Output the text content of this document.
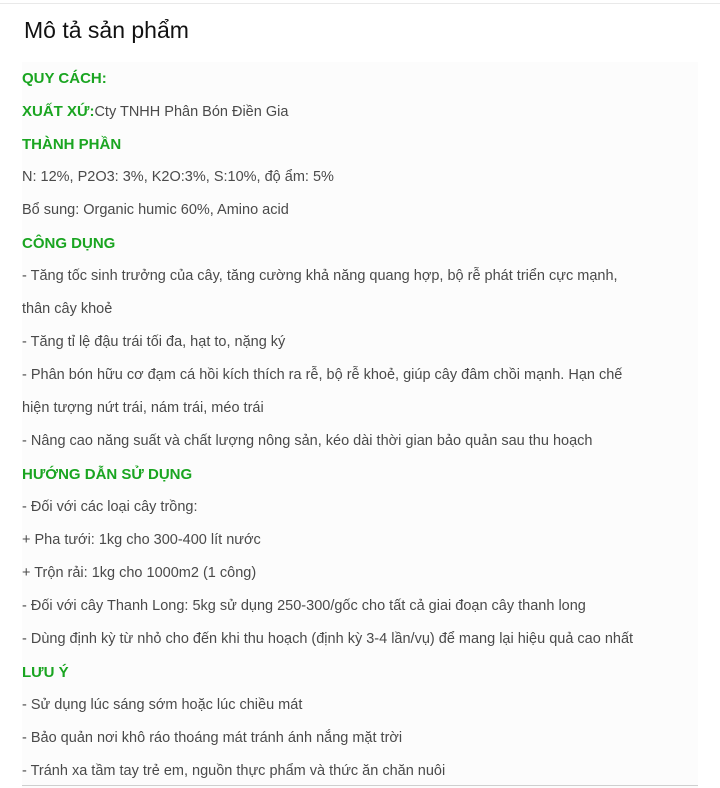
Mô tả sản phẩm
QUY CÁCH:
XUẤT XỨ:Cty TNHH Phân Bón Điền Gia
THÀNH PHẦN
N: 12%, P2O3: 3%, K2O:3%, S:10%, độ ẩm: 5%
Bổ sung: Organic humic 60%, Amino acid
CÔNG DỤNG
- Tăng tốc sinh trưởng của cây, tăng cường khả năng quang hợp, bộ rễ phát triển cực mạnh,
thân cây khoẻ
- Tăng tỉ lệ đậu trái tối đa, hạt to, nặng ký
- Phân bón hữu cơ đạm cá hồi kích thích ra rễ, bộ rễ khoẻ, giúp cây đâm chồi mạnh. Hạn chế
hiện tượng nứt trái, nám trái, méo trái
- Nâng cao năng suất và chất lượng nông sản, kéo dài thời gian bảo quản sau thu hoạch
HƯỚNG DẪN SỬ DỤNG
- Đối với các loại cây trồng:
+ Pha tưới: 1kg cho 300-400 lít nước
+ Trộn rải: 1kg cho 1000m2 (1 công)
- Đối với cây Thanh Long: 5kg sử dụng 250-300/gốc cho tất cả giai đoạn cây thanh long
- Dùng định kỳ từ nhỏ cho đến khi thu hoạch (định kỳ 3-4 lần/vụ) để mang lại hiệu quả cao nhất
LƯU Ý
- Sử dụng lúc sáng sớm hoặc lúc chiều mát
- Bảo quản nơi khô ráo thoáng mát tránh ánh nắng mặt trời
- Tránh xa tầm tay trẻ em, nguồn thực phẩm và thức ăn chăn nuôi
